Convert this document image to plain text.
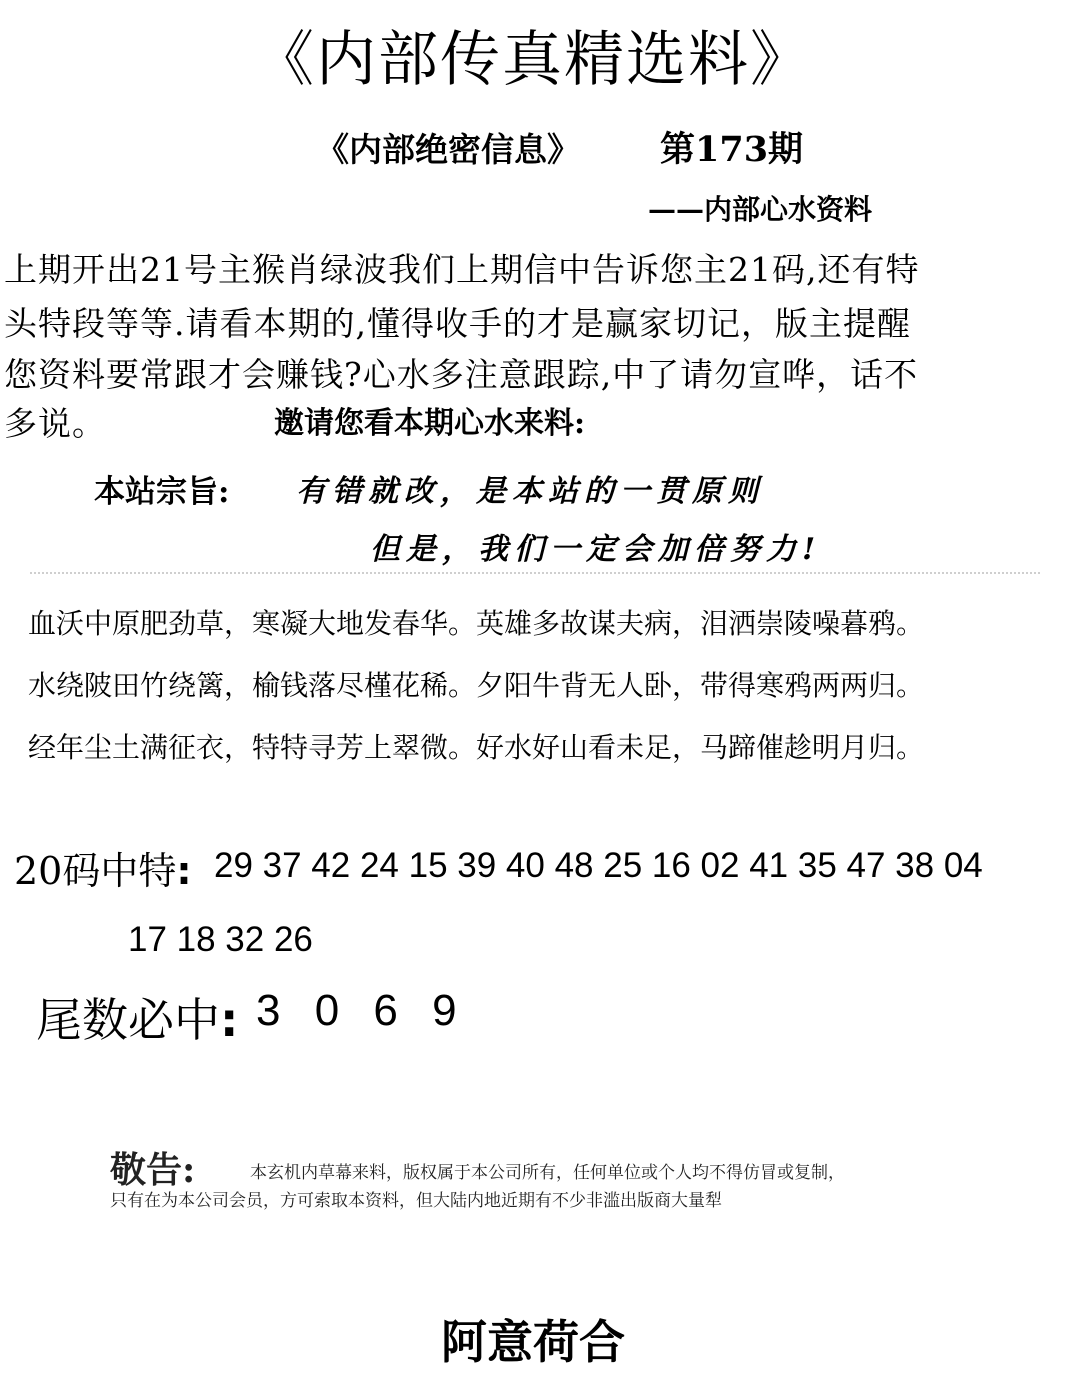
《内部传真精选料》
《内部绝密信息》 第173期
——内部心水资料
上期开出21号主猴肖绿波我们上期信中告诉您主21码,还有特
头特段等等.请看本期的,懂得收手的才是赢家切记，版主提醒
您资料要常跟才会赚钱?心水多注意跟踪,中了请勿宣哗，话不
多说。	邀请您看本期心水来料:
本站宗旨: 有错就改，是本站的一贯原则
但是，我们一定会加倍努力!
血沃中原肥劲草，寒凝大地发春华。英雄多故谋夫病，泪洒崇陵噪暮鸦。
水绕陂田竹绕篱，榆钱落尽槿花稀。夕阳牛背无人卧，带得寒鸦两两归。
经年尘土满征衣，特特寻芳上翠微。好水好山看未足，马蹄催趁明月归。
20码中特: 29 37 42 24 15 39 40 48 25 16 02 41 35 47 38 04
17 18 32 26
尾数必中: 3 0 6 9
敬告:	本玄机内草幕来料，版权属于本公司所有，任何单位或个人均不得仿冒或复制，
只有在为本公司会员，方可索取本资料，但大陆内地近期有不少非滥出版商大量犁
阿意荷合
